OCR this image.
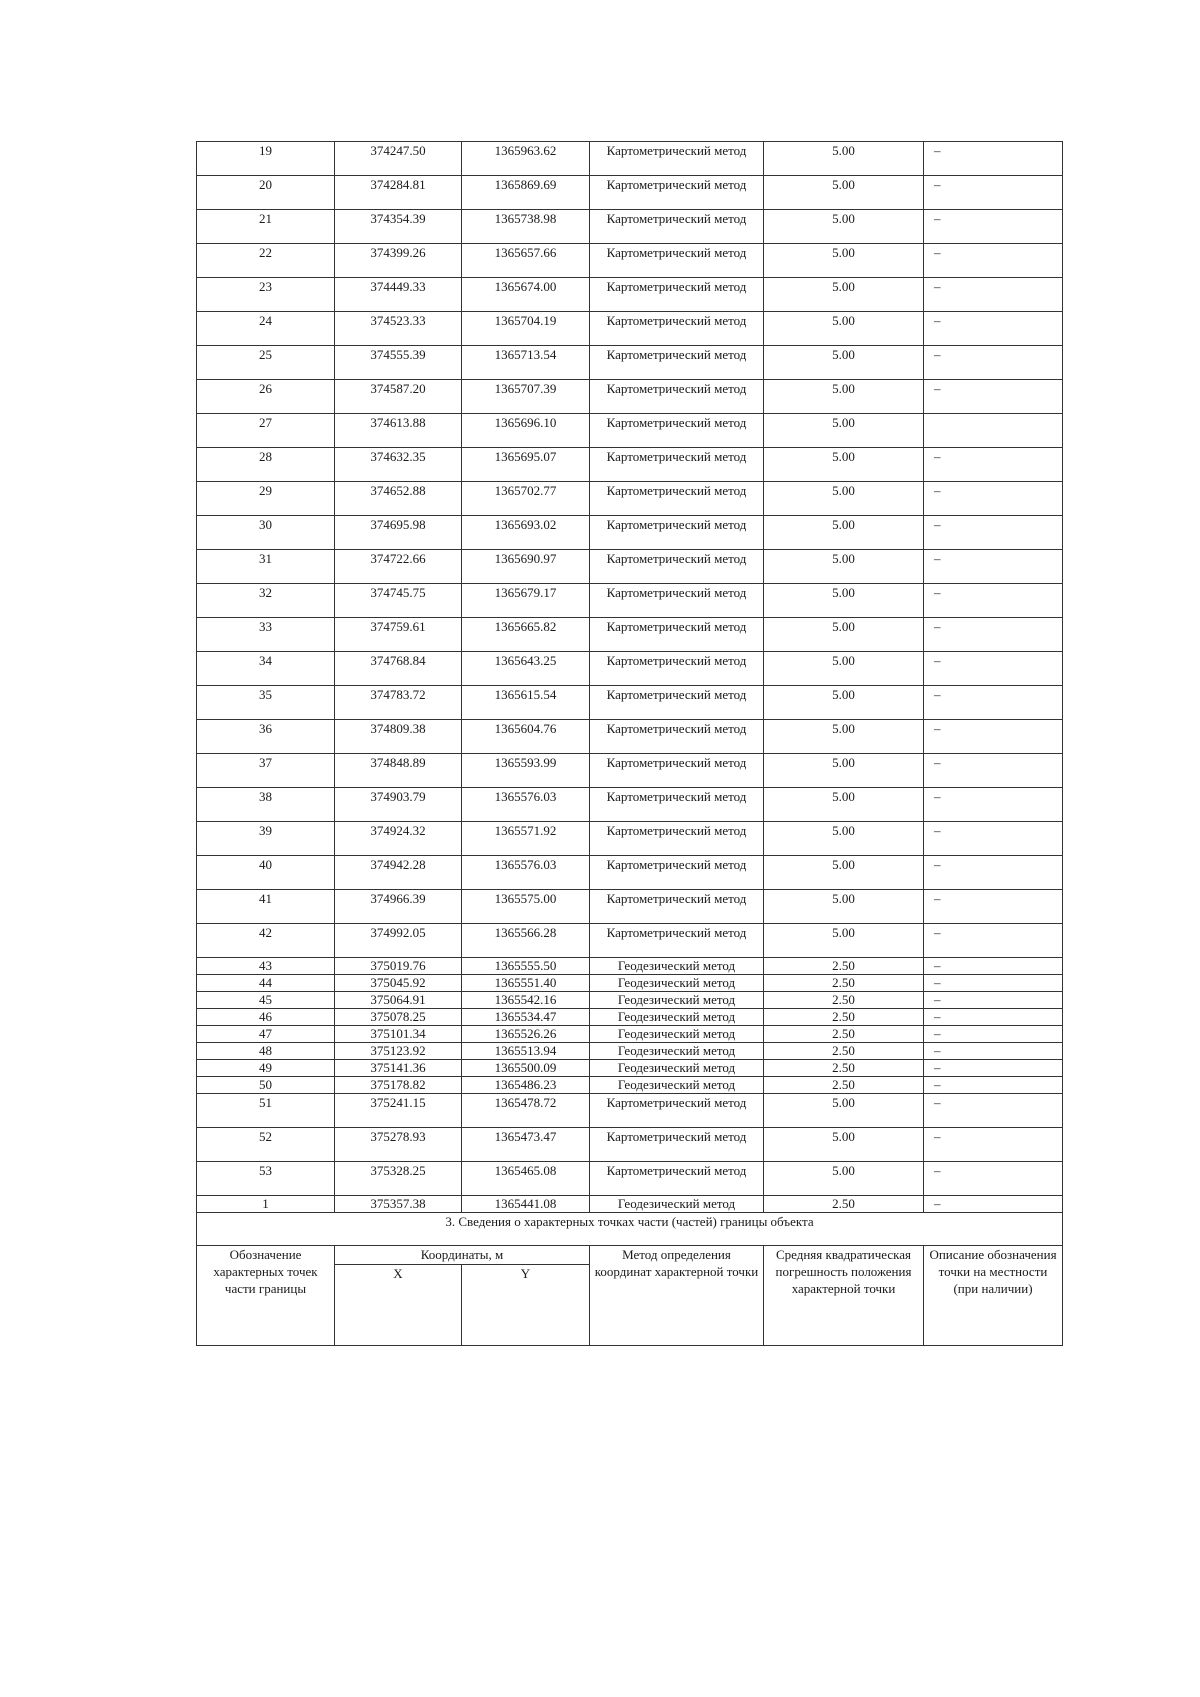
19	374247.50	1365963.62	Картометрический метод	5.00	–
20	374284.81	1365869.69	Картометрический метод	5.00	–
21	374354.39	1365738.98	Картометрический метод	5.00	–
22	374399.26	1365657.66	Картометрический метод	5.00	–
23	374449.33	1365674.00	Картометрический метод	5.00	–
24	374523.33	1365704.19	Картометрический метод	5.00	–
25	374555.39	1365713.54	Картометрический метод	5.00	–
26	374587.20	1365707.39	Картометрический метод	5.00	–
27	374613.88	1365696.10	Картометрический метод	5.00	
28	374632.35	1365695.07	Картометрический метод	5.00	–
29	374652.88	1365702.77	Картометрический метод	5.00	–
30	374695.98	1365693.02	Картометрический метод	5.00	–
31	374722.66	1365690.97	Картометрический метод	5.00	–
32	374745.75	1365679.17	Картометрический метод	5.00	–
33	374759.61	1365665.82	Картометрический метод	5.00	–
34	374768.84	1365643.25	Картометрический метод	5.00	–
35	374783.72	1365615.54	Картометрический метод	5.00	–
36	374809.38	1365604.76	Картометрический метод	5.00	–
37	374848.89	1365593.99	Картометрический метод	5.00	–
38	374903.79	1365576.03	Картометрический метод	5.00	–
39	374924.32	1365571.92	Картометрический метод	5.00	–
40	374942.28	1365576.03	Картометрический метод	5.00	–
41	374966.39	1365575.00	Картометрический метод	5.00	–
42	374992.05	1365566.28	Картометрический метод	5.00	–
43	375019.76	1365555.50	Геодезический метод	2.50	–
44	375045.92	1365551.40	Геодезический метод	2.50	–
45	375064.91	1365542.16	Геодезический метод	2.50	–
46	375078.25	1365534.47	Геодезический метод	2.50	–
47	375101.34	1365526.26	Геодезический метод	2.50	–
48	375123.92	1365513.94	Геодезический метод	2.50	–
49	375141.36	1365500.09	Геодезический метод	2.50	–
50	375178.82	1365486.23	Геодезический метод	2.50	–
51	375241.15	1365478.72	Картометрический метод	5.00	–
52	375278.93	1365473.47	Картометрический метод	5.00	–
53	375328.25	1365465.08	Картометрический метод	5.00	–
1	375357.38	1365441.08	Геодезический метод	2.50	–
3. Сведения о характерных точках части (частей) границы объекта					
Обозначение характерных точек части границы	Координаты, м		Метод определения координат характерной точки	Средняя квадратическая погрешность положения характерной точки	Описание обозначения точки на местности (при наличии)
	X	Y			
